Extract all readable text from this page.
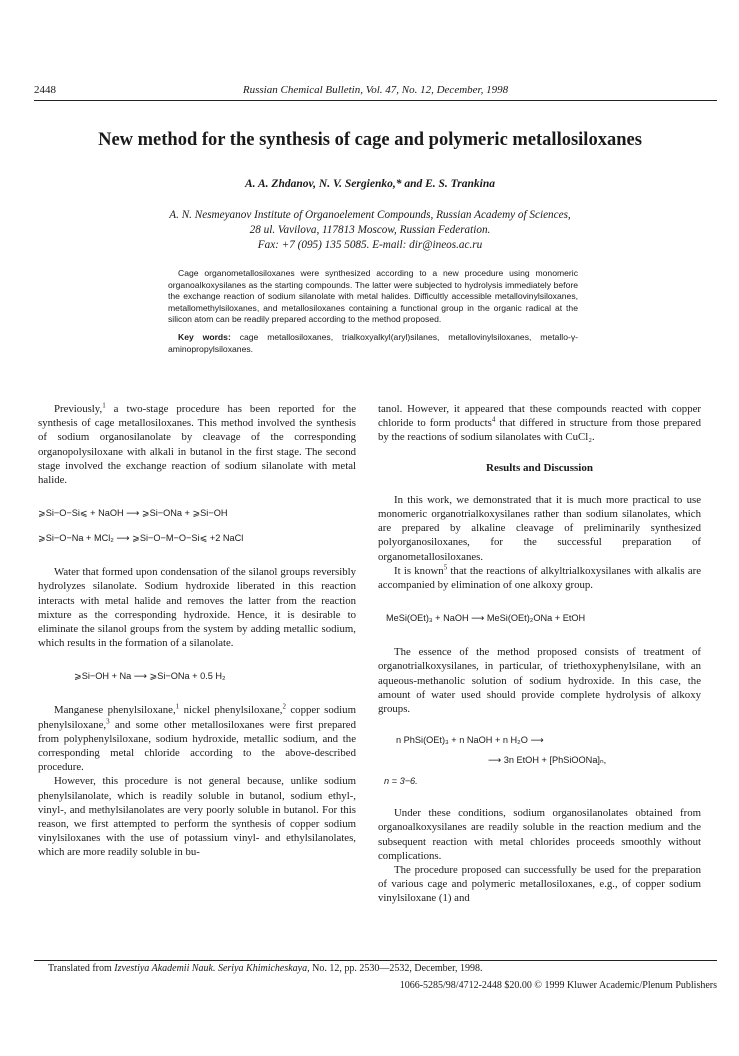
2448	Russian Chemical Bulletin, Vol. 47, No. 12, December, 1998
New method for the synthesis of cage and polymeric metallosiloxanes
A. A. Zhdanov, N. V. Sergienko,* and E. S. Trankina
A. N. Nesmeyanov Institute of Organoelement Compounds, Russian Academy of Sciences,
28 ul. Vavilova, 117813 Moscow, Russian Federation.
Fax: +7 (095) 135 5085. E-mail: dir@ineos.ac.ru
Cage organometallosiloxanes were synthesized according to a new procedure using monomeric organoalkoxysilanes as the starting compounds. The latter were subjected to hydrolysis immediately before the exchange reaction of sodium silanolate with metal halides. Difficultly accessible metallovinylsiloxanes, metallomethylsiloxanes, and metallosiloxanes containing a functional group in the organic radical at the silicon atom can be readily prepared according to the method proposed.
Key words: cage metallosiloxanes, trialkoxyalkyl(aryl)silanes, metallovinylsiloxanes, metallo-γ-aminopropylsiloxanes.

Previously,$^1$ a two-stage procedure has been reported for the synthesis of cage metallosiloxanes. This method involved the synthesis of sodium organosilanolate by cleavage of the corresponding organopolysiloxane with alkali in butanol in the first stage. The second stage involved the exchange reaction of sodium silanolate with metal halide.

⩾Si−O−Si⩽ + NaOH ⟶ ⩾Si−ONa + ⩾Si−OH
⩾Si−O−Na + MCl₂ ⟶ ⩾Si−O−M−O−Si⩽ +2 NaCl

Water that formed upon condensation of the silanol groups reversibly hydrolyzes silanolate. Sodium hydroxide liberated in this reaction interacts with metal halide and removes the latter from the reaction mixture as the corresponding hydroxide. Hence, it is desirable to eliminate the silanol groups from the system by adding metallic sodium, which results in the formation of a silanolate.

⩾Si−OH + Na ⟶ ⩾Si−ONa + 0.5 H₂

Manganese phenylsiloxane,$^1$ nickel phenylsiloxane,$^2$ copper sodium phenylsiloxane,$^3$ and some other metallosiloxanes were first prepared from polyphenylsiloxane, sodium hydroxide, metallic sodium, and the corresponding metal chloride according to the above-described procedure.

However, this procedure is not general because, unlike sodium phenylsilanolate, which is readily soluble in butanol, sodium ethyl-, vinyl-, and methylsilanolates are very poorly soluble in butanol. For this reason, we first attempted to perform the synthesis of copper sodium vinylsiloxanes with the use of potassium vinyl- and ethylsilanolates, which are more readily soluble in bu-

tanol. However, it appeared that these compounds reacted with copper chloride to form products$^4$ that differed in structure from those prepared by the reactions of sodium silanolates with CuCl₂.

Results and Discussion

In this work, we demonstrated that it is much more practical to use monomeric organotrialkoxysilanes rather than sodium silanolates, which are prepared by alkaline cleavage of preliminarily synthesized polyorganosiloxanes, for the successful preparation of organometallosiloxanes.

It is known$^5$ that the reactions of alkyltrialkoxysilanes with alkalis are accompanied by elimination of one alkoxy group.

MeSi(OEt)₃ + NaOH ⟶ MeSi(OEt)₂ONa + EtOH

The essence of the method proposed consists of treatment of organotrialkoxysilanes, in particular, of triethoxyphenylsilane, with an aqueous-methanolic solution of sodium hydroxide. In this case, the amount of water used should provide complete hydrolysis of alkoxy groups.

n PhSi(OEt)₃ + n NaOH + n H₂O ⟶
⟶ 3n EtOH + [PhSiOONa]ₙ,
n = 3−6.

Under these conditions, sodium organosilanolates obtained from organoalkoxysilanes are readily soluble in the reaction medium and the subsequent reaction with metal chlorides proceeds smoothly without complications.

The procedure proposed can successfully be used for the preparation of various cage and polymeric metallosiloxanes, e.g., of copper sodium vinylsiloxane (1) and

Translated from Izvestiya Akademii Nauk. Seriya Khimicheskaya, No. 12, pp. 2530—2532, December, 1998.
1066-5285/98/4712-2448 $20.00 © 1999 Kluwer Academic/Plenum Publishers
